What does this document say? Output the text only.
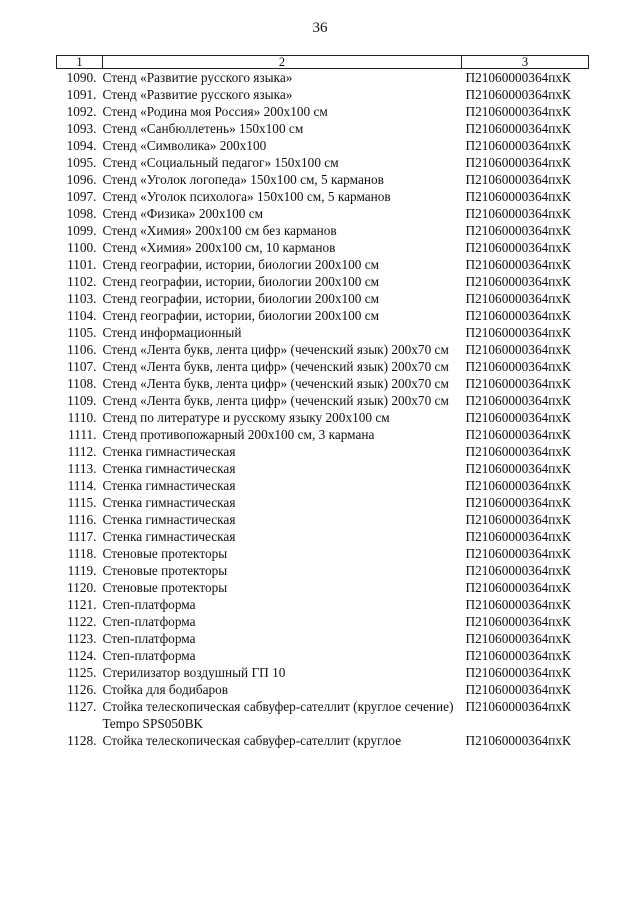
36
1	2	3
1090.	Стенд «Развитие русского языка»	П21060000364пхК
1091.	Стенд «Развитие русского языка»	П21060000364пхК
1092.	Стенд «Родина моя Россия» 200х100 см	П21060000364пхК
1093.	Стенд «Санбюллетень» 150х100 см	П21060000364пхК
1094.	Стенд «Символика» 200х100	П21060000364пхК
1095.	Стенд «Социальный педагог» 150х100 см	П21060000364пхК
1096.	Стенд «Уголок логопеда» 150х100 см, 5 карманов	П21060000364пхК
1097.	Стенд «Уголок психолога» 150х100 см, 5 карманов	П21060000364пхК
1098.	Стенд «Физика» 200х100 см	П21060000364пхК
1099.	Стенд «Химия» 200х100 см без карманов	П21060000364пхК
1100.	Стенд «Химия» 200х100 см, 10 карманов	П21060000364пхК
1101.	Стенд географии, истории, биологии 200х100 см	П21060000364пхК
1102.	Стенд географии, истории, биологии 200х100 см	П21060000364пхК
1103.	Стенд географии, истории, биологии 200х100 см	П21060000364пхК
1104.	Стенд географии, истории, биологии 200х100 см	П21060000364пхК
1105.	Стенд информационный	П21060000364пхК
1106.	Стенд «Лента букв, лента цифр» (чеченский язык) 200х70 см	П21060000364пхК
1107.	Стенд «Лента букв, лента цифр» (чеченский язык) 200х70 см	П21060000364пхК
1108.	Стенд «Лента букв, лента цифр» (чеченский язык) 200х70 см	П21060000364пхК
1109.	Стенд «Лента букв, лента цифр» (чеченский язык) 200х70 см	П21060000364пхК
1110.	Стенд по литературе и русскому языку 200х100 см	П21060000364пхК
1111.	Стенд противопожарный 200х100 см, 3 кармана	П21060000364пхК
1112.	Стенка гимнастическая	П21060000364пхК
1113.	Стенка гимнастическая	П21060000364пхК
1114.	Стенка гимнастическая	П21060000364пхК
1115.	Стенка гимнастическая	П21060000364пхК
1116.	Стенка гимнастическая	П21060000364пхК
1117.	Стенка гимнастическая	П21060000364пхК
1118.	Стеновые протекторы	П21060000364пхК
1119.	Стеновые протекторы	П21060000364пхК
1120.	Стеновые протекторы	П21060000364пхК
1121.	Степ-платформа	П21060000364пхК
1122.	Степ-платформа	П21060000364пхК
1123.	Степ-платформа	П21060000364пхК
1124.	Степ-платформа	П21060000364пхК
1125.	Стерилизатор воздушный ГП 10	П21060000364пхК
1126.	Стойка для бодибаров	П21060000364пхК
1127.	Стойка телескопическая сабвуфер-сателлит (круглое сечение) Tempo SPS050BK	П21060000364пхК
1128.	Стойка телескопическая сабвуфер-сателлит (круглое	П21060000364пхК
